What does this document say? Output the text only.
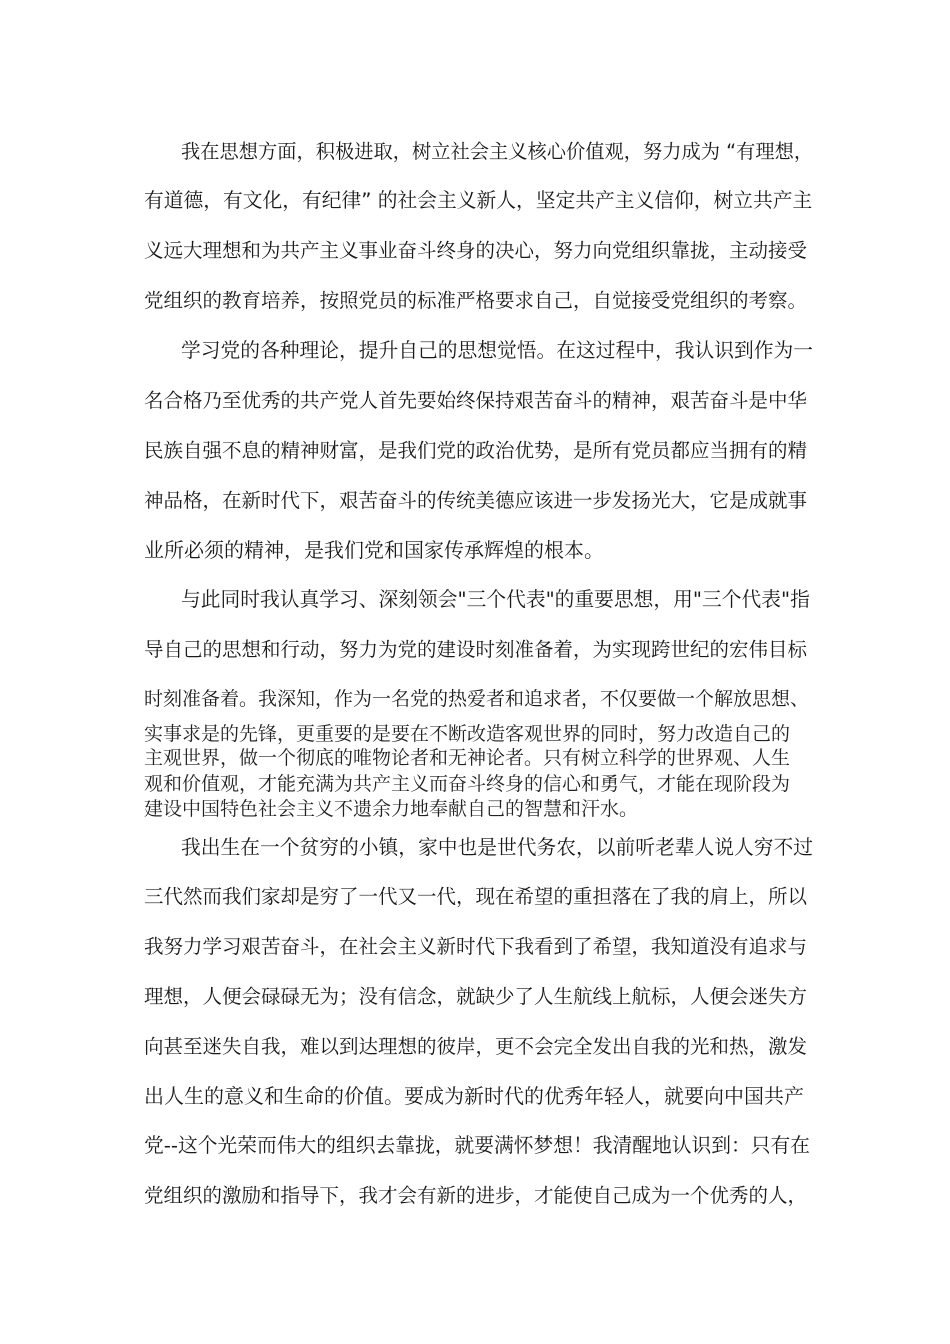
我在思想方面，积极进取，树立社会主义核心价值观，努力成为 “有理想，
有道德，有文化，有纪律” 的社会主义新人，坚定共产主义信仰，树立共产主
义远大理想和为共产主义事业奋斗终身的决心，努力向党组织靠拢，主动接受
党组织的教育培养，按照党员的标准严格要求自己，自觉接受党组织的考察。
学习党的各种理论，提升自己的思想觉悟。在这过程中，我认识到作为一
名合格乃至优秀的共产党人首先要始终保持艰苦奋斗的精神，艰苦奋斗是中华
民族自强不息的精神财富，是我们党的政治优势，是所有党员都应当拥有的精
神品格，在新时代下，艰苦奋斗的传统美德应该进一步发扬光大，它是成就事
业所必须的精神，是我们党和国家传承辉煌的根本。
与此同时我认真学习、深刻领会"三个代表"的重要思想，用"三个代表"指
导自己的思想和行动，努力为党的建设时刻准备着，为实现跨世纪的宏伟目标
时刻准备着。我深知，作为一名党的热爱者和追求者，不仅要做一个解放思想、
实事求是的先锋，更重要的是要在不断改造客观世界的同时，努力改造自己的
主观世界，做一个彻底的唯物论者和无神论者。只有树立科学的世界观、人生
观和价值观，才能充满为共产主义而奋斗终身的信心和勇气，才能在现阶段为
建设中国特色社会主义不遗余力地奉献自己的智慧和汗水。
我出生在一个贫穷的小镇，家中也是世代务农，以前听老辈人说人穷不过
三代然而我们家却是穷了一代又一代，现在希望的重担落在了我的肩上，所以
我努力学习艰苦奋斗，在社会主义新时代下我看到了希望，我知道没有追求与
理想，人便会碌碌无为；没有信念，就缺少了人生航线上航标，人便会迷失方
向甚至迷失自我，难以到达理想的彼岸，更不会完全发出自我的光和热，激发
出人生的意义和生命的价值。要成为新时代的优秀年轻人，就要向中国共产
党--这个光荣而伟大的组织去靠拢，就要满怀梦想！我清醒地认识到：只有在
党组织的激励和指导下，我才会有新的进步，才能使自己成为一个优秀的人，
